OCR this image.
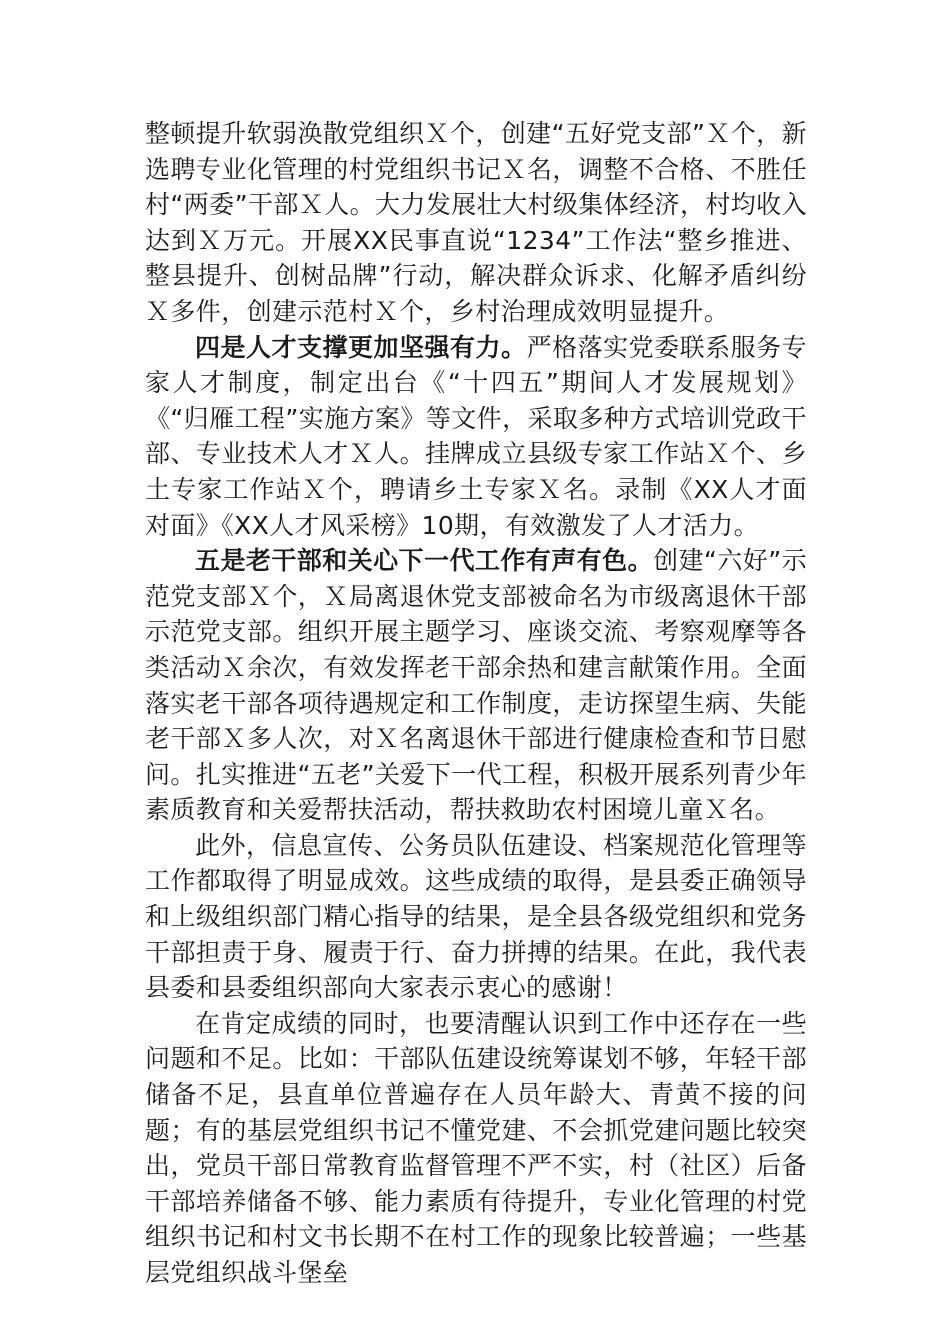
整顿提升软弱涣散党组织Ｘ个，创建“五好党支部”Ｘ个，新选聘专业化管理的村党组织书记Ｘ名，调整不合格、不胜任村“两委”干部Ｘ人。大力发展壮大村级集体经济，村均收入达到Ｘ万元。开展XX民事直说“1234”工作法“整乡推进、整县提升、创树品牌”行动，解决群众诉求、化解矛盾纠纷Ｘ多件，创建示范村Ｘ个，乡村治理成效明显提升。

四是人才支撑更加坚强有力。严格落实党委联系服务专家人才制度，制定出台《“十四五”期间人才发展规划》《“归雁工程”实施方案》等文件，采取多种方式培训党政干部、专业技术人才Ｘ人。挂牌成立县级专家工作站Ｘ个、乡土专家工作站Ｘ个，聘请乡土专家Ｘ名。录制《XX人才面对面》《XX人才风采榜》10期，有效激发了人才活力。

五是老干部和关心下一代工作有声有色。创建“六好”示范党支部Ｘ个，Ｘ局离退休党支部被命名为市级离退休干部示范党支部。组织开展主题学习、座谈交流、考察观摩等各类活动Ｘ余次，有效发挥老干部余热和建言献策作用。全面落实老干部各项待遇规定和工作制度，走访探望生病、失能老干部Ｘ多人次，对Ｘ名离退休干部进行健康检查和节日慰问。扎实推进“五老”关爱下一代工程，积极开展系列青少年素质教育和关爱帮扶活动，帮扶救助农村困境儿童Ｘ名。

此外，信息宣传、公务员队伍建设、档案规范化管理等工作都取得了明显成效。这些成绩的取得，是县委正确领导和上级组织部门精心指导的结果，是全县各级党组织和党务干部担责于身、履责于行、奋力拼搏的结果。在此，我代表县委和县委组织部向大家表示衷心的感谢！

在肯定成绩的同时，也要清醒认识到工作中还存在一些问题和不足。比如：干部队伍建设统筹谋划不够，年轻干部储备不足，县直单位普遍存在人员年龄大、青黄不接的问题；有的基层党组织书记不懂党建、不会抓党建问题比较突出，党员干部日常教育监督管理不严不实，村（社区）后备干部培养储备不够、能力素质有待提升，专业化管理的村党组织书记和村文书长期不在村工作的现象比较普遍；一些基层党组织战斗堡垒
